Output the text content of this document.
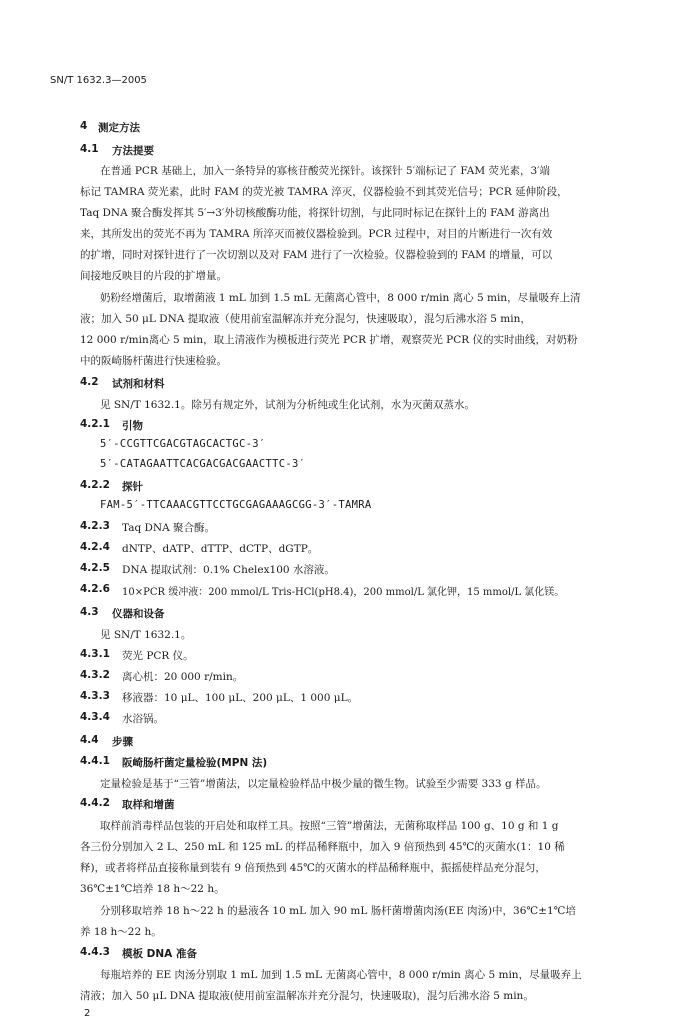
SN/T 1632.3—2005
4 测定方法
4.1 方法提要
在普通 PCR 基础上，加入一条特异的寡核苷酸荧光探针。该探针 5′端标记了 FAM 荧光素，3′端
标记 TAMRA 荧光素，此时 FAM 的荧光被 TAMRA 淬灭，仪器检验不到其荧光信号；PCR 延伸阶段，
Taq DNA 聚合酶发挥其 5′→3′外切核酸酶功能，将探针切割，与此同时标记在探针上的 FAM 游离出
来，其所发出的荧光不再为 TAMRA 所淬灭而被仪器检验到。PCR 过程中，对目的片断进行一次有效
的扩增，同时对探针进行了一次切割以及对 FAM 进行了一次检验。仪器检验到的 FAM 的增量，可以
间接地反映目的片段的扩增量。
奶粉经增菌后，取增菌液 1 mL 加到 1.5 mL 无菌离心管中，8 000 r/min 离心 5 min，尽量吸弃上清
液；加入 50 μL DNA 提取液（使用前室温解冻并充分混匀，快速吸取），混匀后沸水浴 5 min，
12 000 r/min离心 5 min，取上清液作为模板进行荧光 PCR 扩增，观察荧光 PCR 仪的实时曲线，对奶粉
中的阪崎肠杆菌进行快速检验。
4.2 试剂和材料
见 SN/T 1632.1。除另有规定外，试剂为分析纯或生化试剂，水为灭菌双蒸水。
4.2.1 引物
5′-CCGTTCGACGTAGCACTGC-3′
5′-CATAGAATTCACGACGACGAACTTC-3′
4.2.2 探针
FAM-5′-TTCAAACGTTCCTGCGAGAAAGCGG-3′-TAMRA
4.2.3 Taq DNA 聚合酶。
4.2.4 dNTP、dATP、dTTP、dCTP、dGTP。
4.2.5 DNA 提取试剂：0.1% Chelex100 水溶液。
4.2.6 10×PCR 缓冲液：200 mmol/L Tris-HCl(pH8.4)，200 mmol/L 氯化钾，15 mmol/L 氯化镁。
4.3 仪器和设备
见 SN/T 1632.1。
4.3.1 荧光 PCR 仪。
4.3.2 离心机：20 000 r/min。
4.3.3 移液器：10 μL、100 μL、200 μL、1 000 μL。
4.3.4 水浴锅。
4.4 步骤
4.4.1 阪崎肠杆菌定量检验(MPN 法)
定量检验是基于“三管”增菌法，以定量检验样品中极少量的微生物。试验至少需要 333 g 样品。
4.4.2 取样和增菌
取样前消毒样品包装的开启处和取样工具。按照“三管”增菌法，无菌称取样品 100 g、10 g 和 1 g
各三份分别加入 2 L、250 mL 和 125 mL 的样品稀释瓶中，加入 9 倍预热到 45℃的灭菌水(1：10 稀
释)，或者将样品直接称量到装有 9 倍预热到 45℃的灭菌水的样品稀释瓶中，振摇使样品充分混匀，
36℃±1℃培养 18 h～22 h。
分别移取培养 18 h～22 h 的悬液各 10 mL 加入 90 mL 肠杆菌增菌肉汤(EE 肉汤)中，36℃±1℃培
养 18 h～22 h。
4.4.3 模板 DNA 准备
每瓶培养的 EE 肉汤分别取 1 mL 加到 1.5 mL 无菌离心管中，8 000 r/min 离心 5 min，尽量吸弃上
清液；加入 50 μL DNA 提取液(使用前室温解冻并充分混匀，快速吸取)，混匀后沸水浴 5 min。
2
